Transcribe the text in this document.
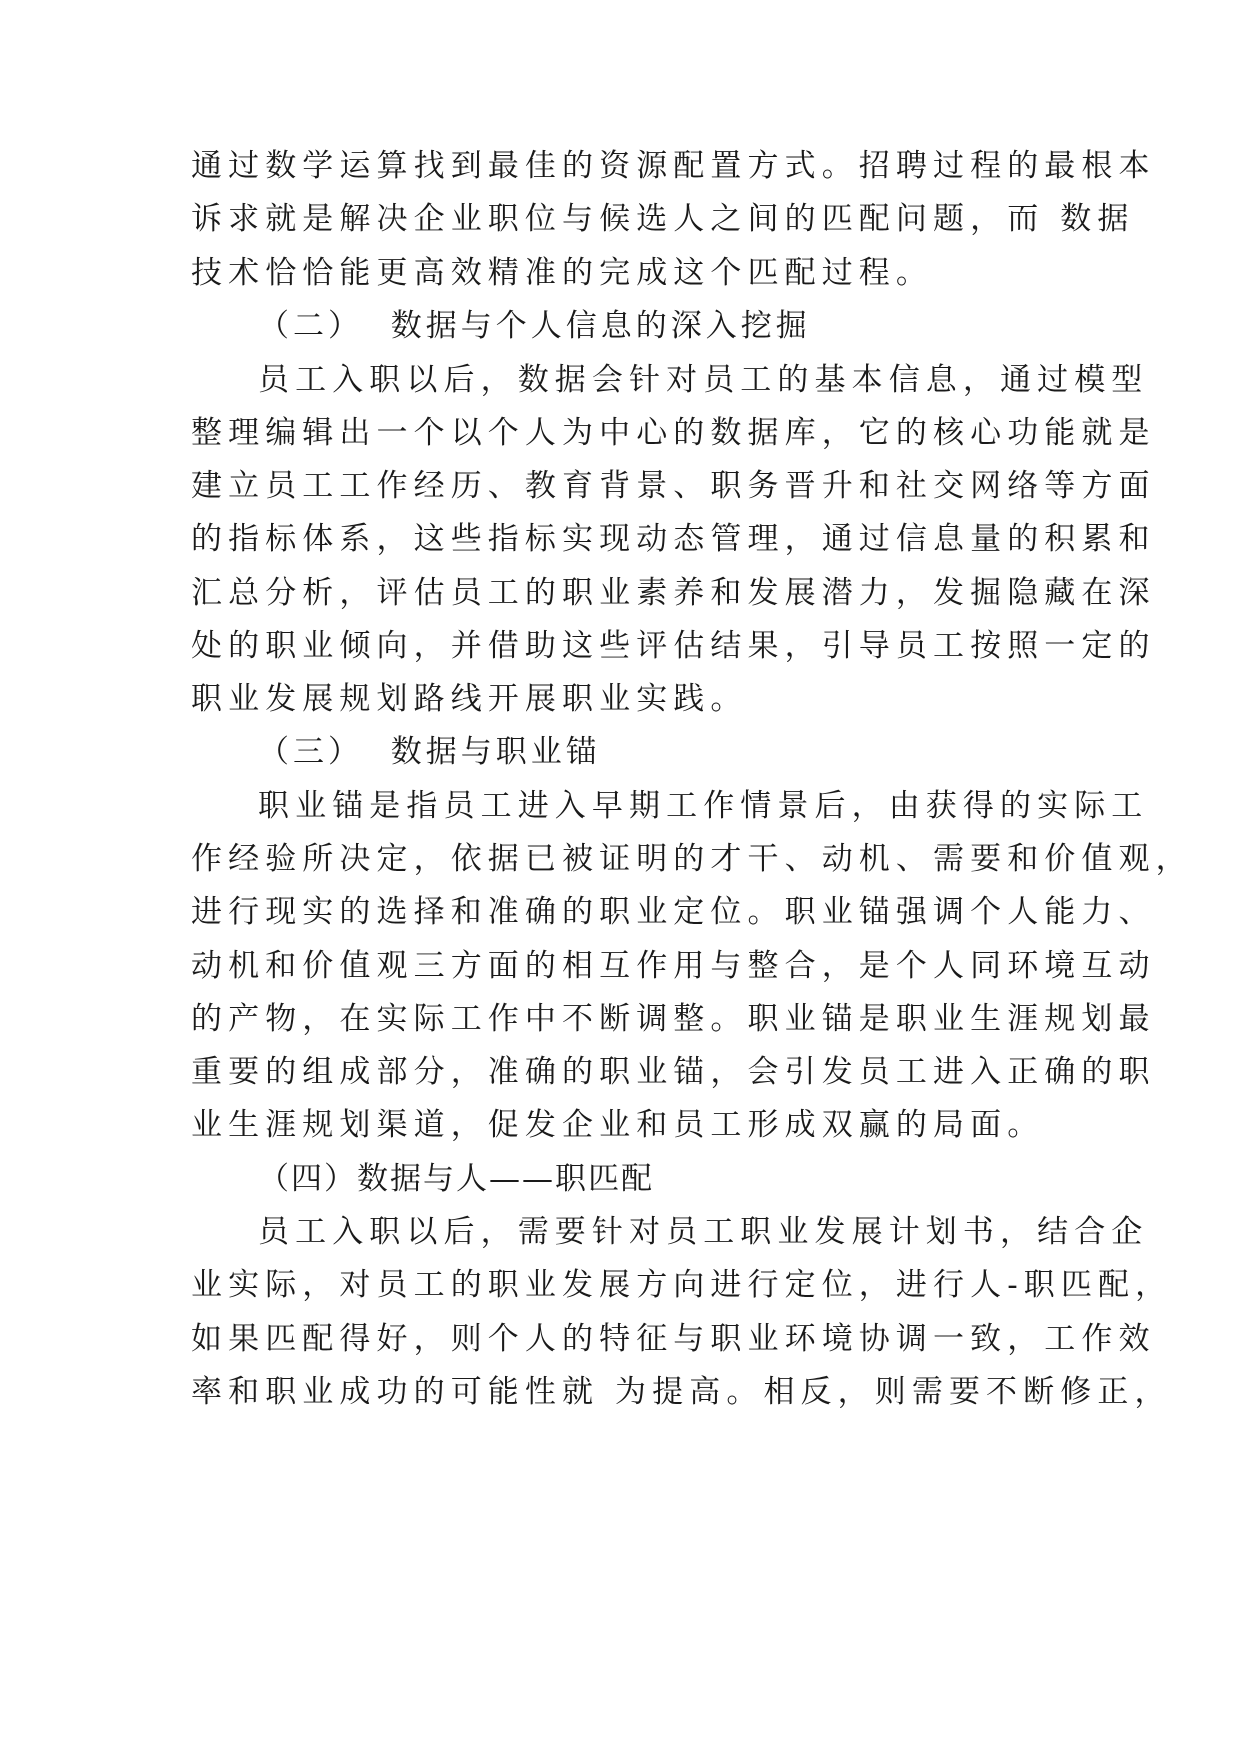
通过数学运算找到最佳的资源配置方式。招聘过程的最根本
诉求就是解决企业职位与候选人之间的匹配问题，而 数据
技术恰恰能更高效精准的完成这个匹配过程。
（二）  数据与个人信息的深入挖掘
员工入职以后，数据会针对员工的基本信息，通过模型
整理编辑出一个以个人为中心的数据库，它的核心功能就是
建立员工工作经历、教育背景、职务晋升和社交网络等方面
的指标体系，这些指标实现动态管理，通过信息量的积累和
汇总分析，评估员工的职业素养和发展潜力，发掘隐藏在深
处的职业倾向，并借助这些评估结果，引导员工按照一定的
职业发展规划路线开展职业实践。
（三）  数据与职业锚
职业锚是指员工进入早期工作情景后，由获得的实际工
作经验所决定，依据已被证明的才干、动机、需要和价值观，
进行现实的选择和准确的职业定位。职业锚强调个人能力、
动机和价值观三方面的相互作用与整合，是个人同环境互动
的产物，在实际工作中不断调整。职业锚是职业生涯规划最
重要的组成部分，准确的职业锚，会引发员工进入正确的职
业生涯规划渠道，促发企业和员工形成双赢的局面。
（四）数据与人——职匹配
员工入职以后，需要针对员工职业发展计划书，结合企
业实际，对员工的职业发展方向进行定位，进行人-职匹配，
如果匹配得好，则个人的特征与职业环境协调一致，工作效
率和职业成功的可能性就 为提高。相反，则需要不断修正，
